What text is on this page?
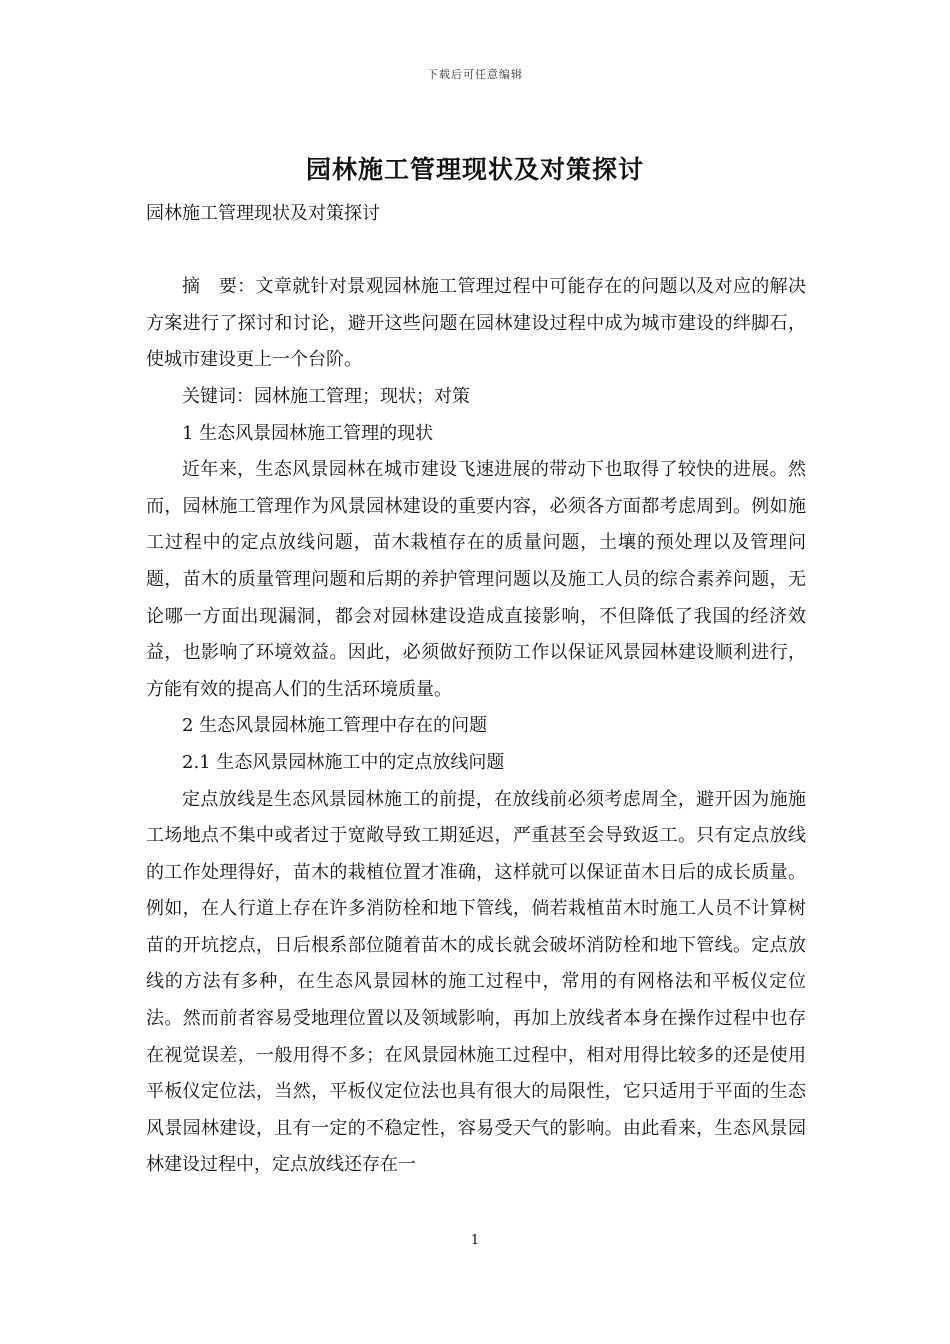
下载后可任意编辑
园林施工管理现状及对策探讨

园林施工管理现状及对策探讨

摘　要：文章就针对景观园林施工管理过程中可能存在的问题以及对应的解决方案进行了探讨和讨论，避开这些问题在园林建设过程中成为城市建设的绊脚石，使城市建设更上一个台阶。

关键词：园林施工管理；现状；对策

1 生态风景园林施工管理的现状

近年来，生态风景园林在城市建设飞速进展的带动下也取得了较快的进展。然而，园林施工管理作为风景园林建设的重要内容，必须各方面都考虑周到。例如施工过程中的定点放线问题，苗木栽植存在的质量问题，土壤的预处理以及管理问题，苗木的质量管理问题和后期的养护管理问题以及施工人员的综合素养问题，无论哪一方面出现漏洞，都会对园林建设造成直接影响，不但降低了我国的经济效益，也影响了环境效益。因此，必须做好预防工作以保证风景园林建设顺利进行，方能有效的提高人们的生活环境质量。

2 生态风景园林施工管理中存在的问题

2.1 生态风景园林施工中的定点放线问题

定点放线是生态风景园林施工的前提，在放线前必须考虑周全，避开因为施施工场地点不集中或者过于宽敞导致工期延迟，严重甚至会导致返工。只有定点放线的工作处理得好，苗木的栽植位置才准确，这样就可以保证苗木日后的成长质量。例如，在人行道上存在许多消防栓和地下管线，倘若栽植苗木时施工人员不计算树苗的开坑挖点，日后根系部位随着苗木的成长就会破坏消防栓和地下管线。定点放线的方法有多种，在生态风景园林的施工过程中，常用的有网格法和平板仪定位法。然而前者容易受地理位置以及领域影响，再加上放线者本身在操作过程中也存在视觉误差，一般用得不多；在风景园林施工过程中，相对用得比较多的还是使用平板仪定位法，当然，平板仪定位法也具有很大的局限性，它只适用于平面的生态风景园林建设，且有一定的不稳定性，容易受天气的影响。由此看来，生态风景园林建设过程中，定点放线还存在一

1
